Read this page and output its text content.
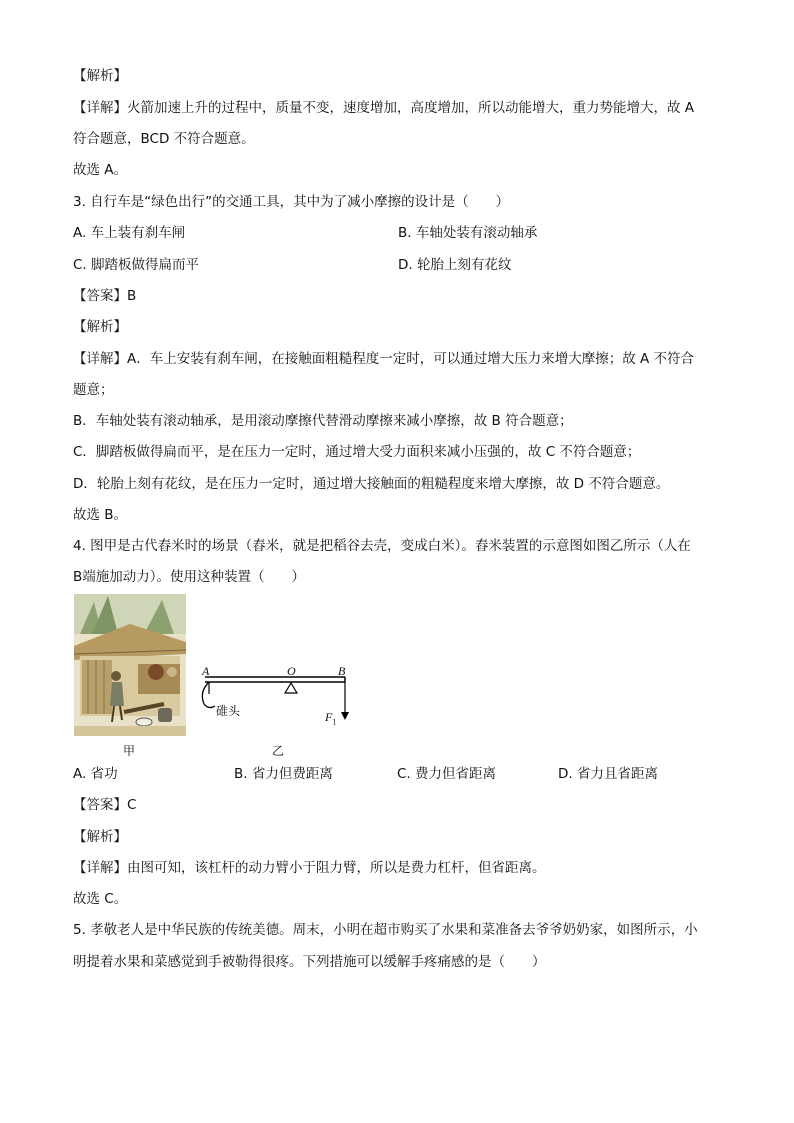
【解析】
【详解】火箭加速上升的过程中，质量不变，速度增加，高度增加，所以动能增大，重力势能增大，故 A
符合题意，BCD 不符合题意。
故选 A。
3. 自行车是“绿色出行”的交通工具，其中为了减小摩擦的设计是（　　）
A. 车上装有刹车闸	B. 车轴处装有滚动轴承
C. 脚踏板做得扁而平	D. 轮胎上刻有花纹
【答案】B
【解析】
【详解】A．车上安装有刹车闸，在接触面粗糙程度一定时，可以通过增大压力来增大摩擦；故 A 不符合
题意；
B．车轴处装有滚动轴承，是用滚动摩擦代替滑动摩擦来减小摩擦，故 B 符合题意；
C．脚踏板做得扁而平，是在压力一定时，通过增大受力面积来减小压强的，故 C 不符合题意；
D．轮胎上刻有花纹，是在压力一定时，通过增大接触面的粗糙程度来增大摩擦，故 D 不符合题意。
故选 B。
4. 图甲是古代舂米时的场景（舂米，就是把稻谷去壳，变成白米）。舂米装置的示意图如图乙所示（人在
B端施加动力）。使用这种装置（　　）
甲
A	O	B
碓头	$F_1$
乙
A. 省功	B. 省力但费距离	C. 费力但省距离	D. 省力且省距离
【答案】C
【解析】
【详解】由图可知，该杠杆的动力臂小于阻力臂，所以是费力杠杆，但省距离。
故选 C。
5. 孝敬老人是中华民族的传统美德。周末，小明在超市购买了水果和菜准备去爷爷奶奶家，如图所示，小
明提着水果和菜感觉到手被勒得很疼。下列措施可以缓解手疼痛感的是（　　）
